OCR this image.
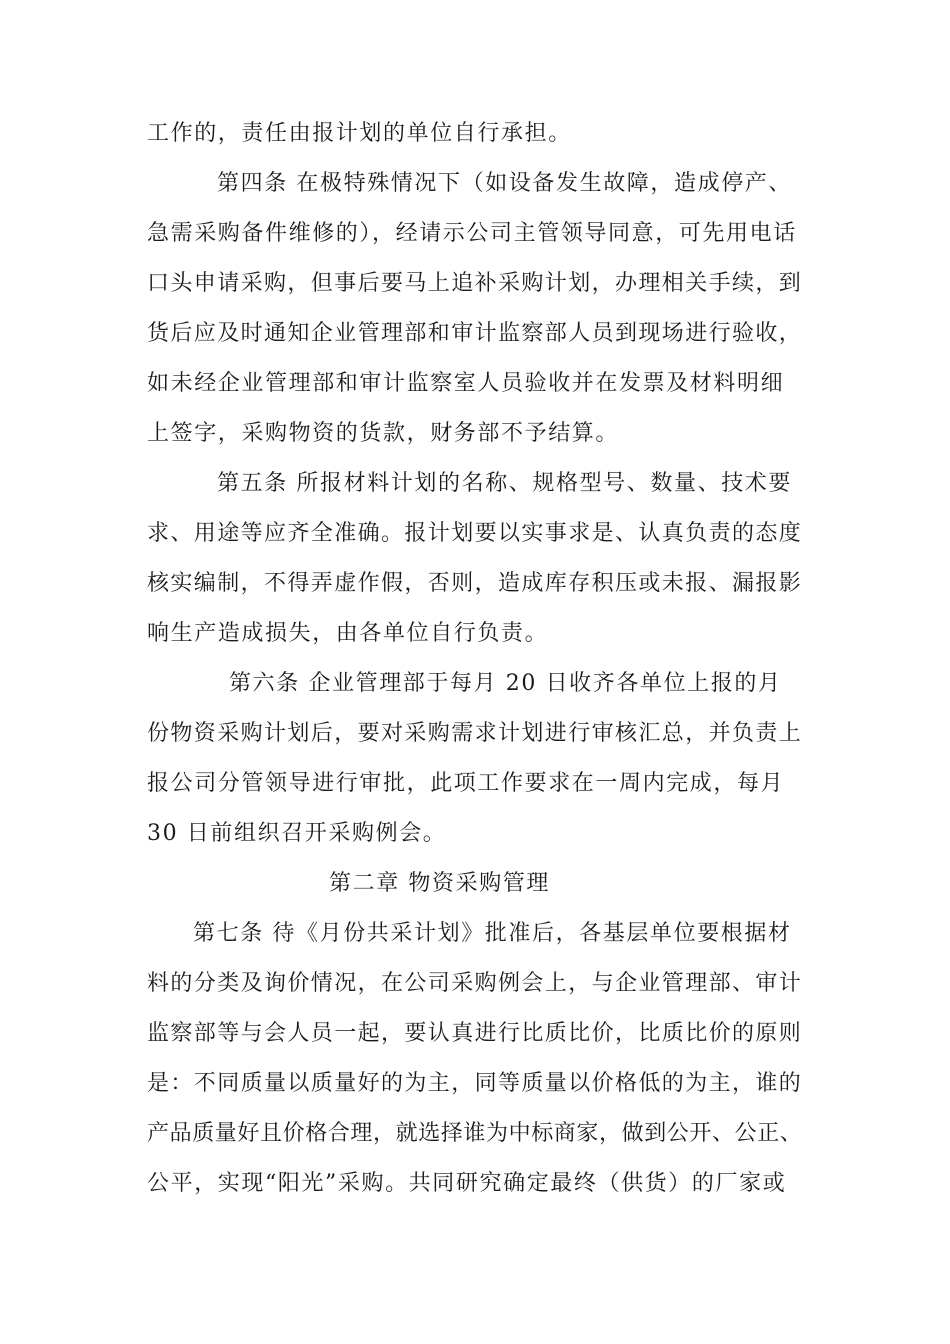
工作的，责任由报计划的单位自行承担。
第四条 在极特殊情况下（如设备发生故障，造成停产、
急需采购备件维修的），经请示公司主管领导同意，可先用电话
口头申请采购，但事后要马上追补采购计划，办理相关手续，到
货后应及时通知企业管理部和审计监察部人员到现场进行验收，
如未经企业管理部和审计监察室人员验收并在发票及材料明细
上签字，采购物资的货款，财务部不予结算。
第五条 所报材料计划的名称、规格型号、数量、技术要
求、用途等应齐全准确。报计划要以实事求是、认真负责的态度
核实编制，不得弄虚作假，否则，造成库存积压或未报、漏报影
响生产造成损失，由各单位自行负责。
第六条 企业管理部于每月 20 日收齐各单位上报的月
份物资采购计划后，要对采购需求计划进行审核汇总，并负责上
报公司分管领导进行审批，此项工作要求在一周内完成，每月
30 日前组织召开采购例会。
第二章 物资采购管理
第七条 待《月份共采计划》批准后，各基层单位要根据材
料的分类及询价情况，在公司采购例会上，与企业管理部、审计
监察部等与会人员一起，要认真进行比质比价，比质比价的原则
是：不同质量以质量好的为主，同等质量以价格低的为主，谁的
产品质量好且价格合理，就选择谁为中标商家，做到公开、公正、
公平，实现“阳光”采购。共同研究确定最终（供货）的厂家或
